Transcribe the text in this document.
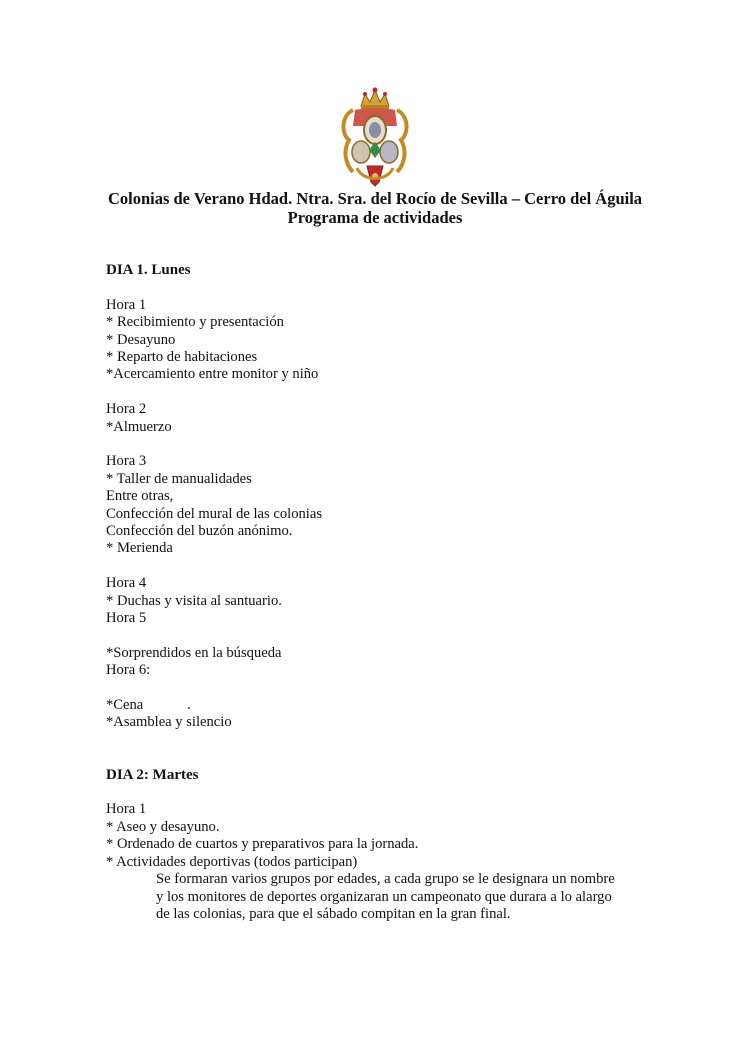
Colonias de Verano Hdad. Ntra. Sra. del Rocío de Sevilla – Cerro del Águila
Programa de actividades
DIA 1. Lunes
Hora 1
* Recibimiento y presentación
* Desayuno
* Reparto de habitaciones
*Acercamiento entre monitor y niño
Hora 2
*Almuerzo
Hora 3
* Taller de manualidades
Entre otras,
Confección del mural de las colonias
Confección del buzón anónimo.
* Merienda
Hora 4
* Duchas y visita al santuario.
Hora 5
*Sorprendidos en la búsqueda
Hora 6:
*Cena            .
*Asamblea y silencio
DIA 2: Martes
Hora 1
* Aseo y desayuno.
* Ordenado de cuartos y preparativos para la jornada.
* Actividades deportivas (todos participan)
Se formaran varios grupos por edades, a cada grupo se le designara un nombre
y los monitores de deportes organizaran un campeonato que durara a lo alargo
de las colonias, para que el sábado compitan en la gran final.
